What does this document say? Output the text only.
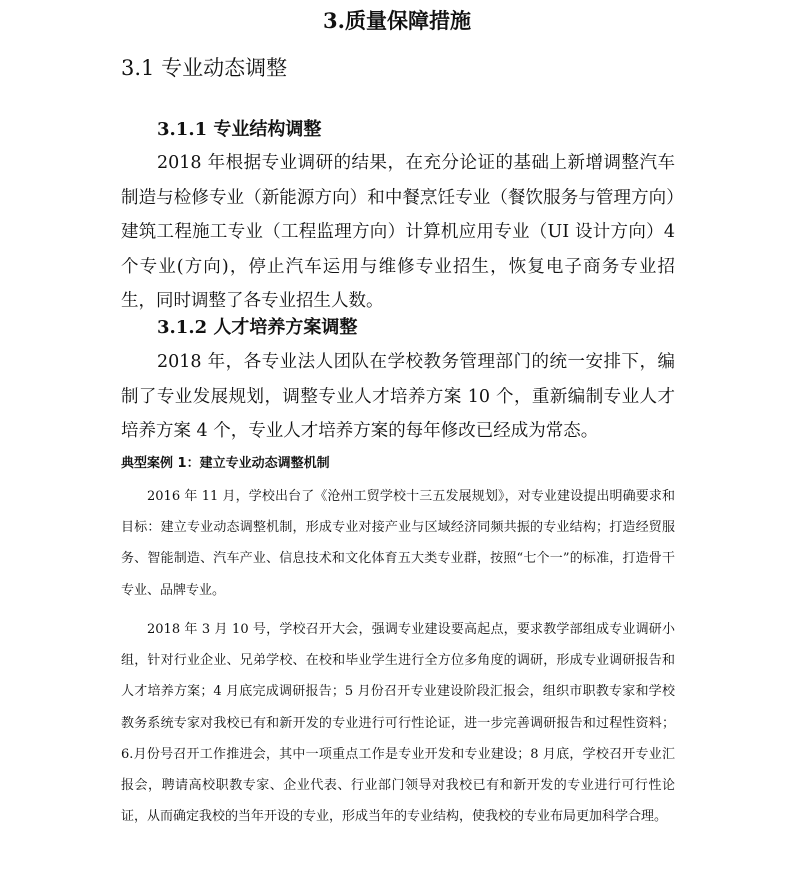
3.质量保障措施
3.1 专业动态调整
3.1.1 专业结构调整

2018 年根据专业调研的结果，在充分论证的基础上新增调整汽车制造与检修专业（新能源方向）和中餐烹饪专业（餐饮服务与管理方向）建筑工程施工专业（工程监理方向）计算机应用专业（UI 设计方向）4 个专业(方向)，停止汽车运用与维修专业招生，恢复电子商务专业招生，同时调整了各专业招生人数。

3.1.2 人才培养方案调整

2018 年，各专业法人团队在学校教务管理部门的统一安排下，编制了专业发展规划，调整专业人才培养方案 10 个，重新编制专业人才培养方案 4 个，专业人才培养方案的每年修改已经成为常态。

典型案例 1：建立专业动态调整机制

2016 年 11 月，学校出台了《沧州工贸学校十三五发展规划》，对专业建设提出明确要求和目标：建立专业动态调整机制，形成专业对接产业与区域经济同频共振的专业结构；打造经贸服务、智能制造、汽车产业、信息技术和文化体育五大类专业群，按照“七个一”的标准，打造骨干专业、品牌专业。

2018 年 3 月 10 号，学校召开大会，强调专业建设要高起点，要求教学部组成专业调研小组，针对行业企业、兄弟学校、在校和毕业学生进行全方位多角度的调研，形成专业调研报告和人才培养方案；4 月底完成调研报告；5 月份召开专业建设阶段汇报会，组织市职教专家和学校教务系统专家对我校已有和新开发的专业进行可行性论证，进一步完善调研报告和过程性资料；6.月份号召开工作推进会，其中一项重点工作是专业开发和专业建设；8 月底，学校召开专业汇报会，聘请高校职教专家、企业代表、行业部门领导对我校已有和新开发的专业进行可行性论证，从而确定我校的当年开设的专业，形成当年的专业结构，使我校的专业布局更加科学合理。
